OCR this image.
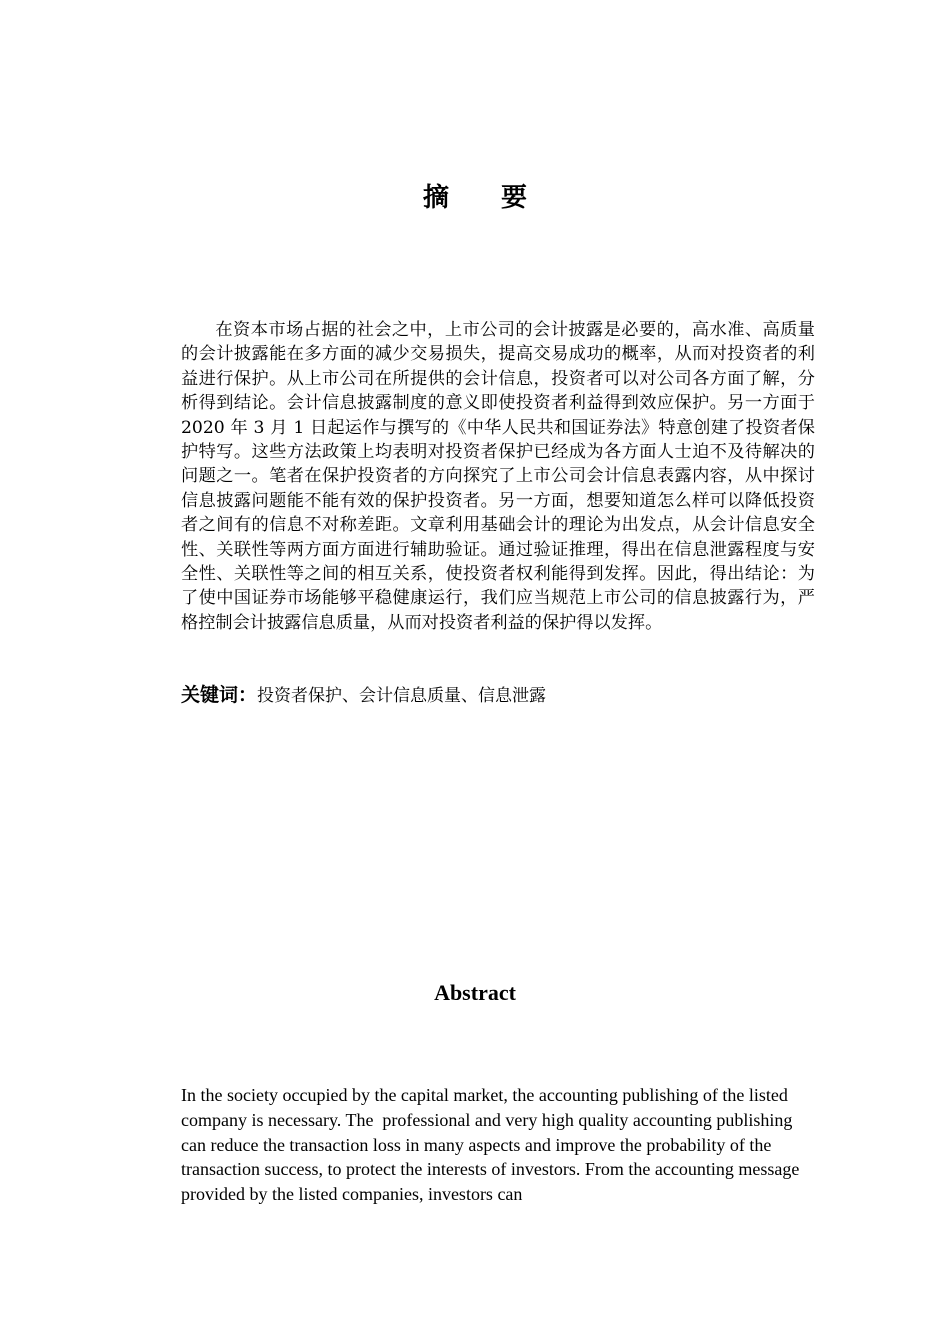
摘 要

在资本市场占据的社会之中，上市公司的会计披露是必要的，高水准、高质量的会计披露能在多方面的减少交易损失，提高交易成功的概率，从而对投资者的利益进行保护。从上市公司在所提供的会计信息，投资者可以对公司各方面了解，分析得到结论。会计信息披露制度的意义即使投资者利益得到效应保护。另一方面于 2020 年 3 月 1 日起运作与撰写的《中华人民共和国证券法》特意创建了投资者保护特写。这些方法政策上均表明对投资者保护已经成为各方面人士迫不及待解决的问题之一。笔者在保护投资者的方向探究了上市公司会计信息表露内容，从中探讨信息披露问题能不能有效的保护投资者。另一方面，想要知道怎么样可以降低投资者之间有的信息不对称差距。文章利用基础会计的理论为出发点，从会计信息安全性、关联性等两方面方面进行辅助验证。通过验证推理，得出在信息泄露程度与安全性、关联性等之间的相互关系，使投资者权利能得到发挥。因此，得出结论：为了使中国证券市场能够平稳健康运行，我们应当规范上市公司的信息披露行为，严格控制会计披露信息质量，从而对投资者利益的保护得以发挥。

关键词：投资者保护、会计信息质量、信息泄露
Abstract

In the society occupied by the capital market, the accounting publishing of the listed company is necessary. The  professional and very high quality accounting publishing can reduce the transaction loss in many aspects and improve the probability of the transaction success, to protect the interests of investors. From the accounting message provided by the listed companies, investors can
